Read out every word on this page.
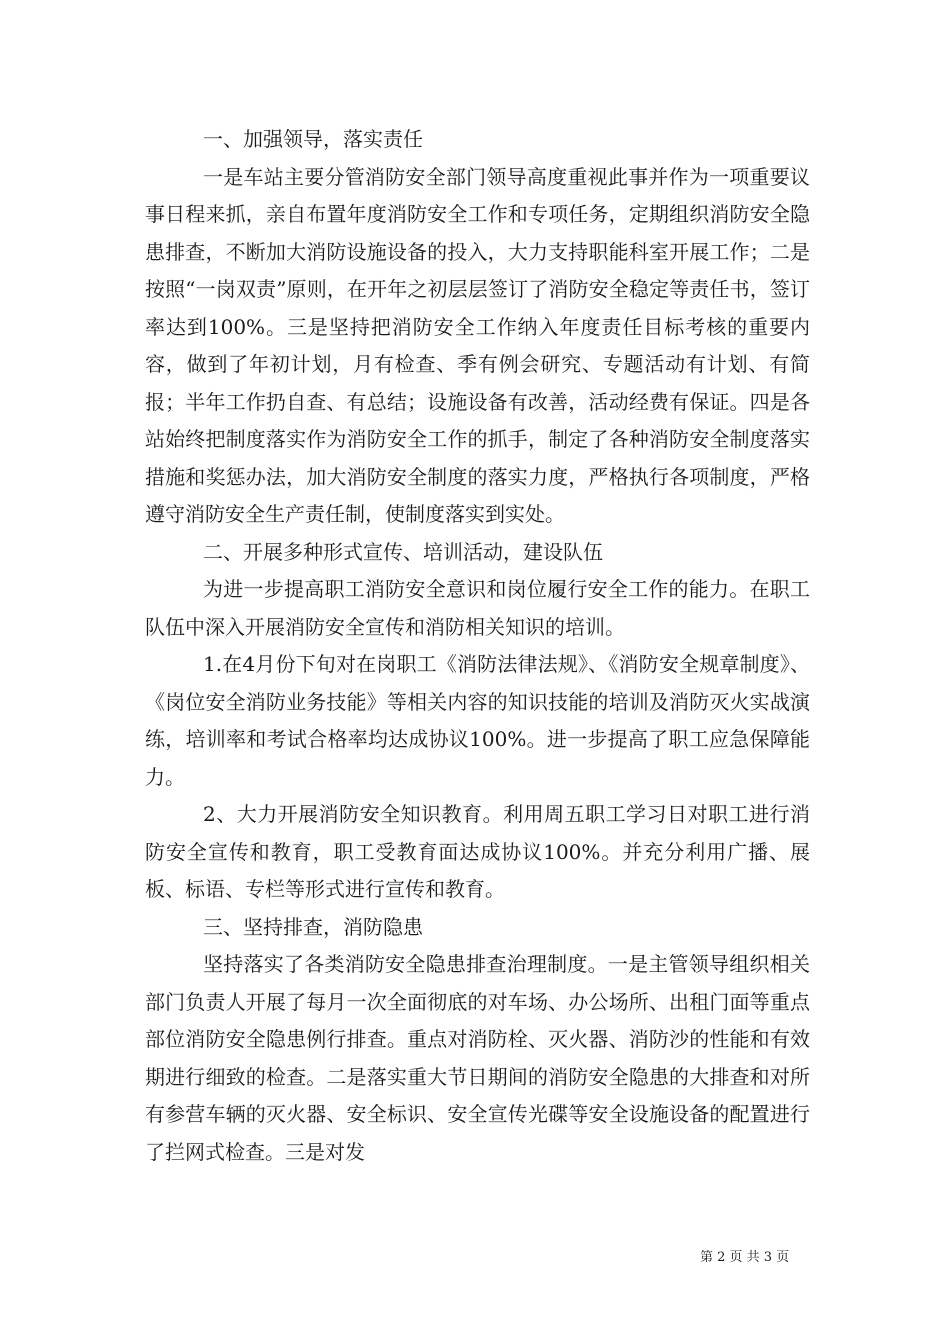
一、加强领导，落实责任

一是车站主要分管消防安全部门领导高度重视此事并作为一项重要议事日程来抓，亲自布置年度消防安全工作和专项任务，定期组织消防安全隐患排查，不断加大消防设施设备的投入，大力支持职能科室开展工作；二是按照“一岗双责”原则，在开年之初层层签订了消防安全稳定等责任书，签订率达到100%。三是坚持把消防安全工作纳入年度责任目标考核的重要内容，做到了年初计划，月有检查、季有例会研究、专题活动有计划、有简报；半年工作扔自查、有总结；设施设备有改善，活动经费有保证。四是各站始终把制度落实作为消防安全工作的抓手，制定了各种消防安全制度落实措施和奖惩办法，加大消防安全制度的落实力度，严格执行各项制度，严格遵守消防安全生产责任制，使制度落实到实处。

二、开展多种形式宣传、培训活动，建设队伍

为进一步提高职工消防安全意识和岗位履行安全工作的能力。在职工队伍中深入开展消防安全宣传和消防相关知识的培训。

1.在4月份下旬对在岗职工《消防法律法规》、《消防安全规章制度》、《岗位安全消防业务技能》等相关内容的知识技能的培训及消防灭火实战演练，培训率和考试合格率均达成协议100%。进一步提高了职工应急保障能力。

2、大力开展消防安全知识教育。利用周五职工学习日对职工进行消防安全宣传和教育，职工受教育面达成协议100%。并充分利用广播、展板、标语、专栏等形式进行宣传和教育。

三、坚持排查，消防隐患

坚持落实了各类消防安全隐患排查治理制度。一是主管领导组织相关部门负责人开展了每月一次全面彻底的对车场、办公场所、出租门面等重点部位消防安全隐患例行排查。重点对消防栓、灭火器、消防沙的性能和有效期进行细致的检查。二是落实重大节日期间的消防安全隐患的大排查和对所有参营车辆的灭火器、安全标识、安全宣传光碟等安全设施设备的配置进行了拦网式检查。三是对发

第 2 页 共 3 页
